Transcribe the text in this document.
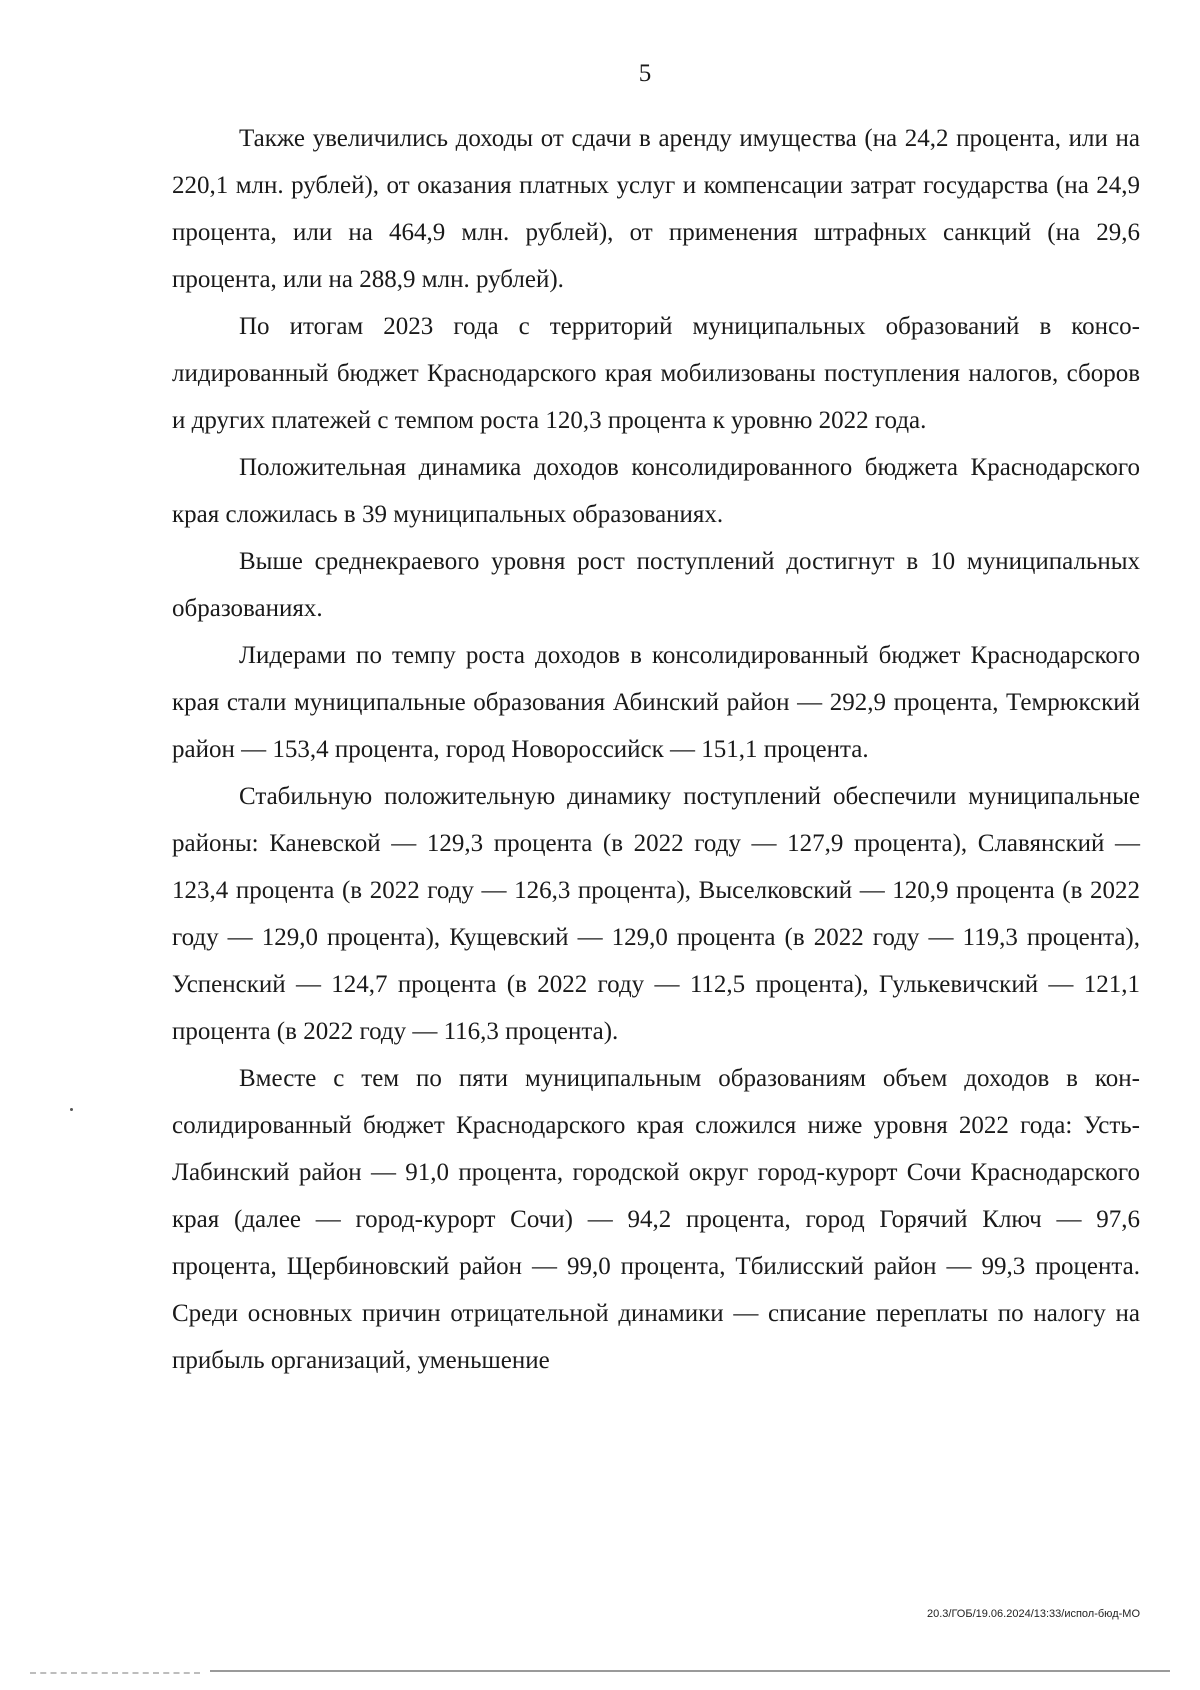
5

Также увеличились доходы от сдачи в аренду имущества (на 24,2 процента, или на 220,1 млн. рублей), от оказания платных услуг и компенсации затрат государства (на 24,9 процента, или на 464,9 млн. рублей), от применения штрафных санкций (на 29,6 процента, или на 288,9 млн. рублей).

По итогам 2023 года с территорий муниципальных образований в консолидированный бюджет Краснодарского края мобилизованы поступления налогов, сборов и других платежей с темпом роста 120,3 процента к уровню 2022 года.

Положительная динамика доходов консолидированного бюджета Краснодарского края сложилась в 39 муниципальных образованиях.

Выше среднекраевого уровня рост поступлений достигнут в 10 муниципальных образованиях.

Лидерами по темпу роста доходов в консолидированный бюджет Краснодарского края стали муниципальные образования Абинский район — 292,9 процента, Темрюкский район — 153,4 процента, город Новороссийск — 151,1 процента.

Стабильную положительную динамику поступлений обеспечили муниципальные районы: Каневской — 129,3 процента (в 2022 году — 127,9 процента), Славянский — 123,4 процента (в 2022 году — 126,3 процента), Выселковский — 120,9 процента (в 2022 году — 129,0 процента), Кущевский — 129,0 процента (в 2022 году — 119,3 процента), Успенский — 124,7 процента (в 2022 году — 112,5 процента), Гулькевичский — 121,1 процента (в 2022 году — 116,3 процента).

Вместе с тем по пяти муниципальным образованиям объем доходов в консолидированный бюджет Краснодарского края сложился ниже уровня 2022 года: Усть-Лабинский район — 91,0 процента, городской округ город-курорт Сочи Краснодарского края (далее — город-курорт Сочи) — 94,2 процента, город Горячий Ключ — 97,6 процента, Щербиновский район — 99,0 процента, Тбилисский район — 99,3 процента. Среди основных причин отрицательной динамики — списание переплаты по налогу на прибыль организаций, уменьшение

20.3/ГОБ/19.06.2024/13:33/испол-бюд-МО
